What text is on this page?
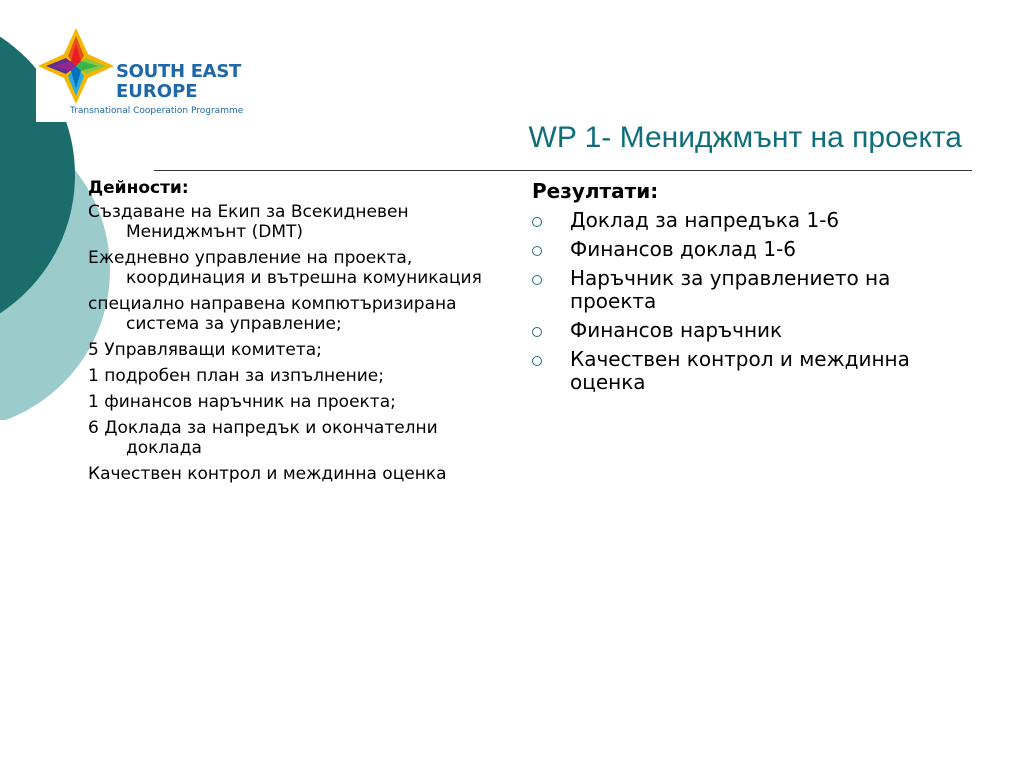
SOUTH EAST
EUROPE
Transnational Cooperation Programme
WP 1- Мениджмънт на проекта
Дейности:
Създаване на Екип за Всекидневен Мениджмънт (DMT)
Ежедневно управление на проекта, координация и вътрешна комуникация
специално направена компютъризирана система за управление;
5 Управляващи комитета;
1 подробен план за изпълнение;
1 финансов наръчник на проекта;
6 Доклада за напредък и окончателни доклада
Качествен контрол и междинна оценка
Резултати:
Доклад за напредъка 1-6
Финансов доклад 1-6
Наръчник за управлението на проекта
Финансов наръчник
Качествен контрол и междинна оценка
